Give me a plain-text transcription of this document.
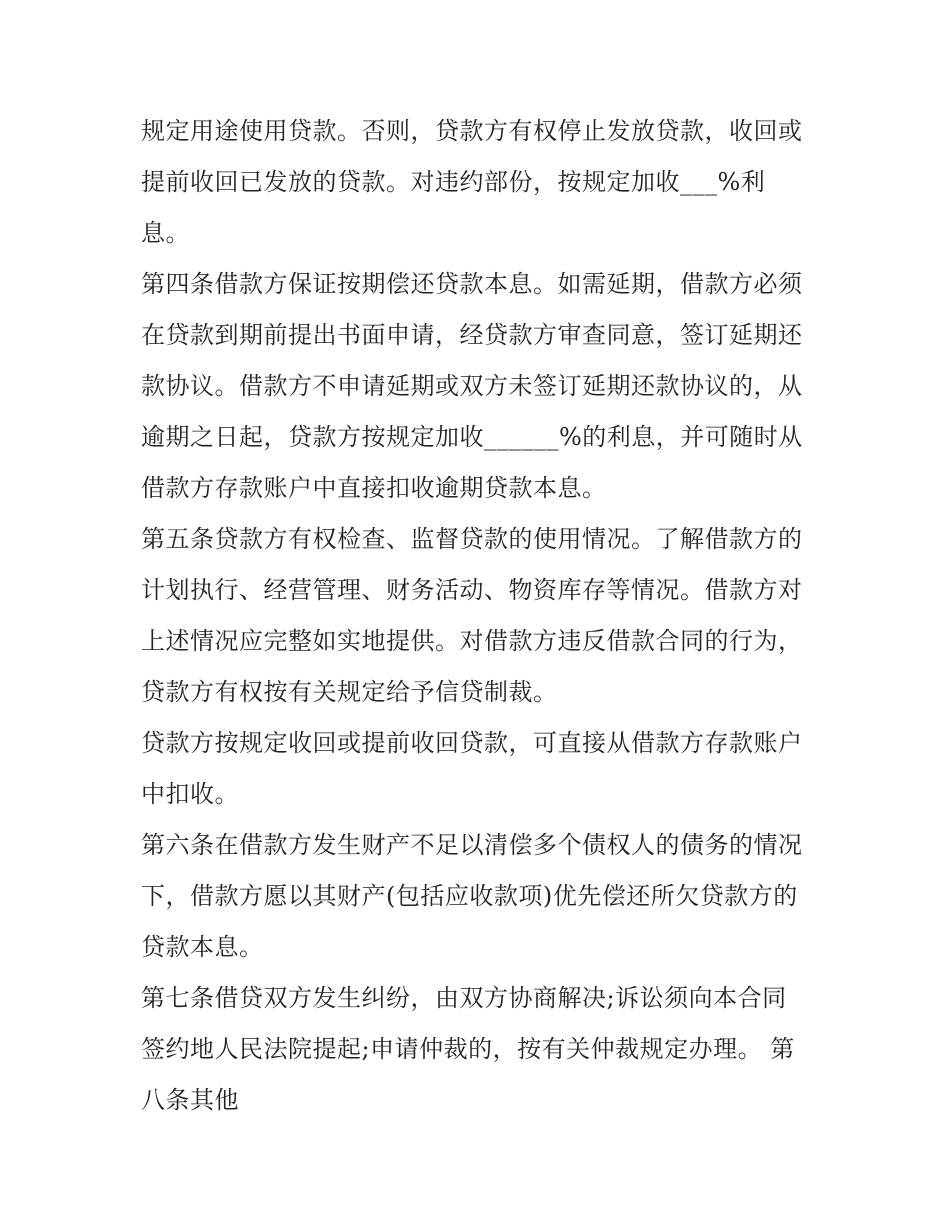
规定用途使用贷款。否则，贷款方有权停止发放贷款，收回或
提前收回已发放的贷款。对违约部份，按规定加收___%利
息。
第四条借款方保证按期偿还贷款本息。如需延期，借款方必须
在贷款到期前提出书面申请，经贷款方审查同意，签订延期还
款协议。借款方不申请延期或双方未签订延期还款协议的，从
逾期之日起，贷款方按规定加收______%的利息，并可随时从
借款方存款账户中直接扣收逾期贷款本息。
第五条贷款方有权检查、监督贷款的使用情况。了解借款方的
计划执行、经营管理、财务活动、物资库存等情况。借款方对
上述情况应完整如实地提供。对借款方违反借款合同的行为，
贷款方有权按有关规定给予信贷制裁。
贷款方按规定收回或提前收回贷款，可直接从借款方存款账户
中扣收。
第六条在借款方发生财产不足以清偿多个债权人的债务的情况
下，借款方愿以其财产(包括应收款项)优先偿还所欠贷款方的
贷款本息。
第七条借贷双方发生纠纷，由双方协商解决;诉讼须向本合同
签约地人民法院提起;申请仲裁的，按有关仲裁规定办理。 第
八条其他
